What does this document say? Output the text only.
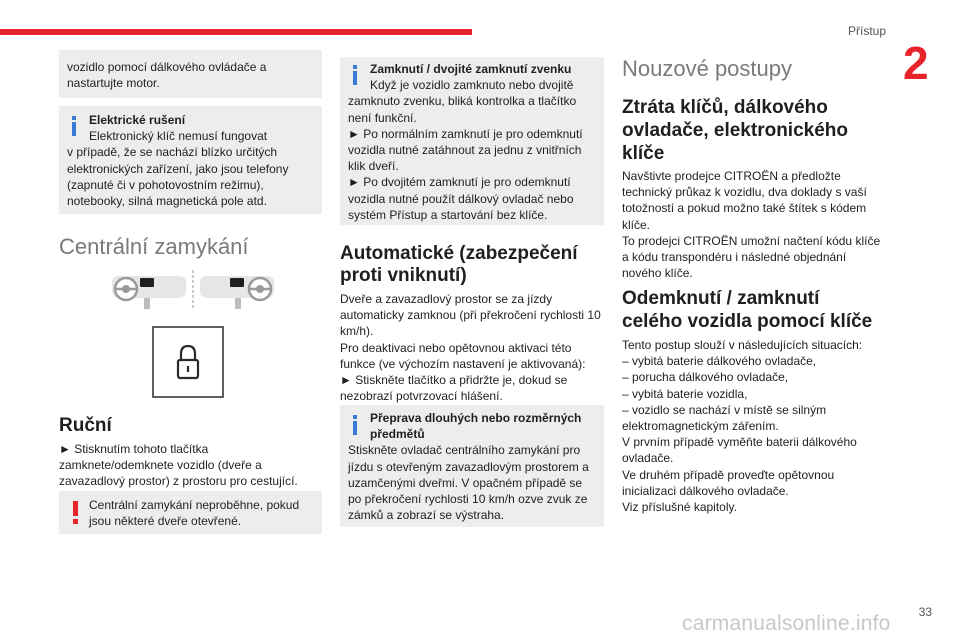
Přístup
2
vozidlo pomocí dálkového ovládače a nastartujte motor.
Elektrické rušení
Elektronický klíč nemusí fungovat
v případě, že se nachází blízko určitých elektronických zařízení, jako jsou telefony (zapnuté či v pohotovostním režimu), notebooky, silná magnetická pole atd.
Centrální zamykání
Ruční
► Stisknutím tohoto tlačítka zamknete/odemknete vozidlo (dveře a zavazadlový prostor) z prostoru pro cestující.
Centrální zamykání neproběhne, pokud jsou některé dveře otevřené.
Zamknutí / dvojité zamknutí zvenku
Když je vozidlo zamknuto nebo dvojitě
zamknuto zvenku, bliká kontrolka a tlačítko není funkční.
► Po normálním zamknutí je pro odemknutí vozidla nutné zatáhnout za jednu z vnitřních klik dveří.
► Po dvojitém zamknutí je pro odemknutí vozidla nutné použít dálkový ovladač nebo systém Přístup a startování bez klíče.
Automatické (zabezpečení
proti vniknutí)
Dveře a zavazadlový prostor se za jízdy automaticky zamknou (při překročení rychlosti 10 km/h).
Pro deaktivaci nebo opětovnou aktivaci této funkce (ve výchozím nastavení je aktivovaná):
► Stiskněte tlačítko a přidržte je, dokud se nezobrazí potvrzovací hlášení.
Přeprava dlouhých nebo rozměrných
předmětů
Stiskněte ovladač centrálního zamykání pro jízdu s otevřeným zavazadlovým prostorem a uzamčenými dveřmi. V opačném případě se po překročení rychlosti 10 km/h ozve zvuk ze zámků a zobrazí se výstraha.
Nouzové postupy
Ztráta klíčů, dálkového
ovladače, elektronického
klíče
Navštivte prodejce CITROËN a předložte technický průkaz k vozidlu, dva doklady s vaší totožností a pokud možno také štítek s kódem klíče.
To prodejci CITROËN umožní načtení kódu klíče a kódu transpondéru i následné objednání nového klíče.
Odemknutí / zamknutí
celého vozidla pomocí klíče
Tento postup slouží v následujících situacích:
– vybitá baterie dálkového ovladače,
– porucha dálkového ovladače,
– vybitá baterie vozidla,
– vozidlo se nachází v místě se silným elektromagnetickým zářením.
V prvním případě vyměňte baterii dálkového ovladače.
Ve druhém případě proveďte opětovnou inicializaci dálkového ovladače.
Viz příslušné kapitoly.
33
carmanualsonline.info
